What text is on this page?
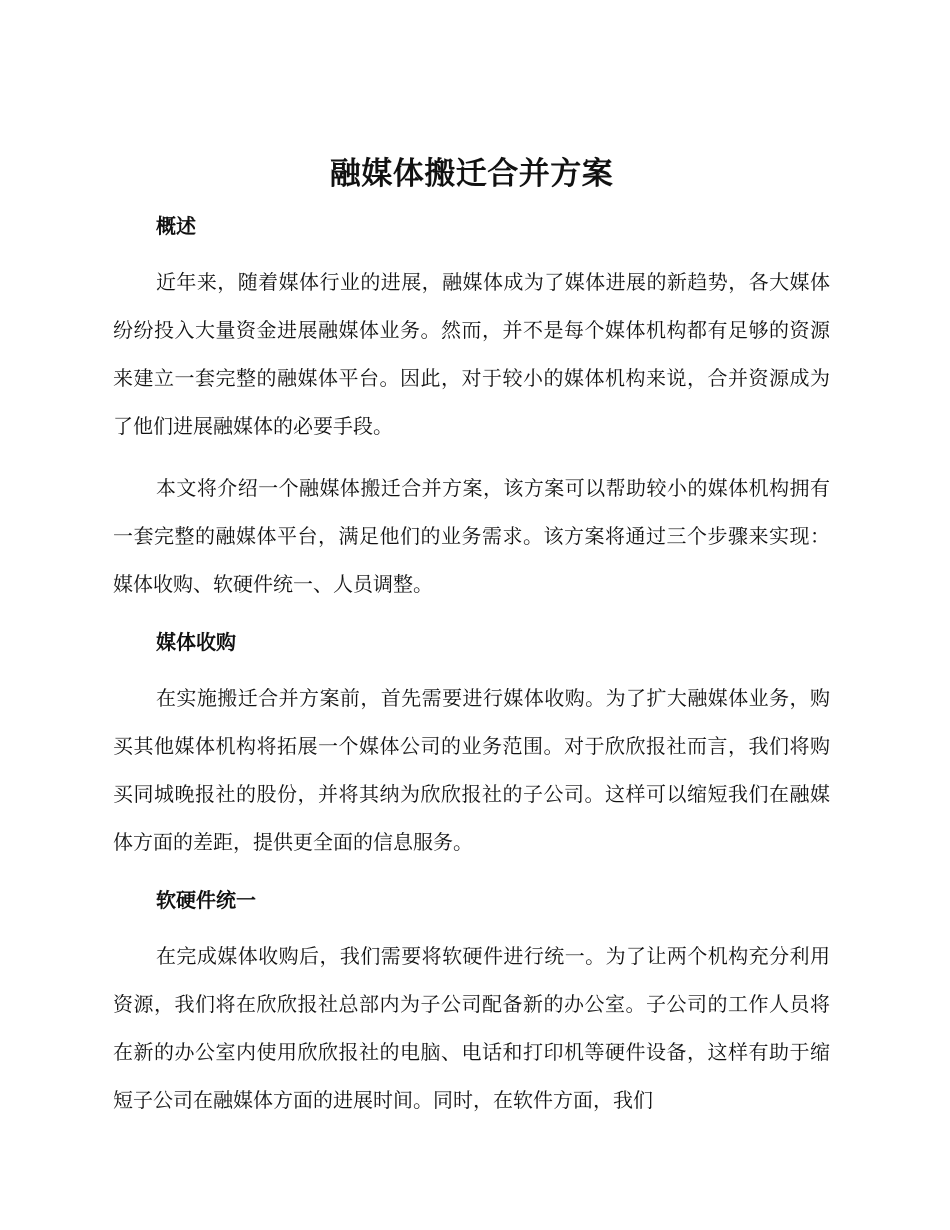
融媒体搬迁合并方案
概述

近年来，随着媒体行业的进展，融媒体成为了媒体进展的新趋势，各大媒体纷纷投入大量资金进展融媒体业务。然而，并不是每个媒体机构都有足够的资源来建立一套完整的融媒体平台。因此，对于较小的媒体机构来说，合并资源成为了他们进展融媒体的必要手段。

本文将介绍一个融媒体搬迁合并方案，该方案可以帮助较小的媒体机构拥有一套完整的融媒体平台，满足他们的业务需求。该方案将通过三个步骤来实现：媒体收购、软硬件统一、人员调整。

媒体收购

在实施搬迁合并方案前，首先需要进行媒体收购。为了扩大融媒体业务，购买其他媒体机构将拓展一个媒体公司的业务范围。对于欣欣报社而言，我们将购买同城晚报社的股份，并将其纳为欣欣报社的子公司。这样可以缩短我们在融媒体方面的差距，提供更全面的信息服务。

软硬件统一

在完成媒体收购后，我们需要将软硬件进行统一。为了让两个机构充分利用资源，我们将在欣欣报社总部内为子公司配备新的办公室。子公司的工作人员将在新的办公室内使用欣欣报社的电脑、电话和打印机等硬件设备，这样有助于缩短子公司在融媒体方面的进展时间。同时，在软件方面，我们
